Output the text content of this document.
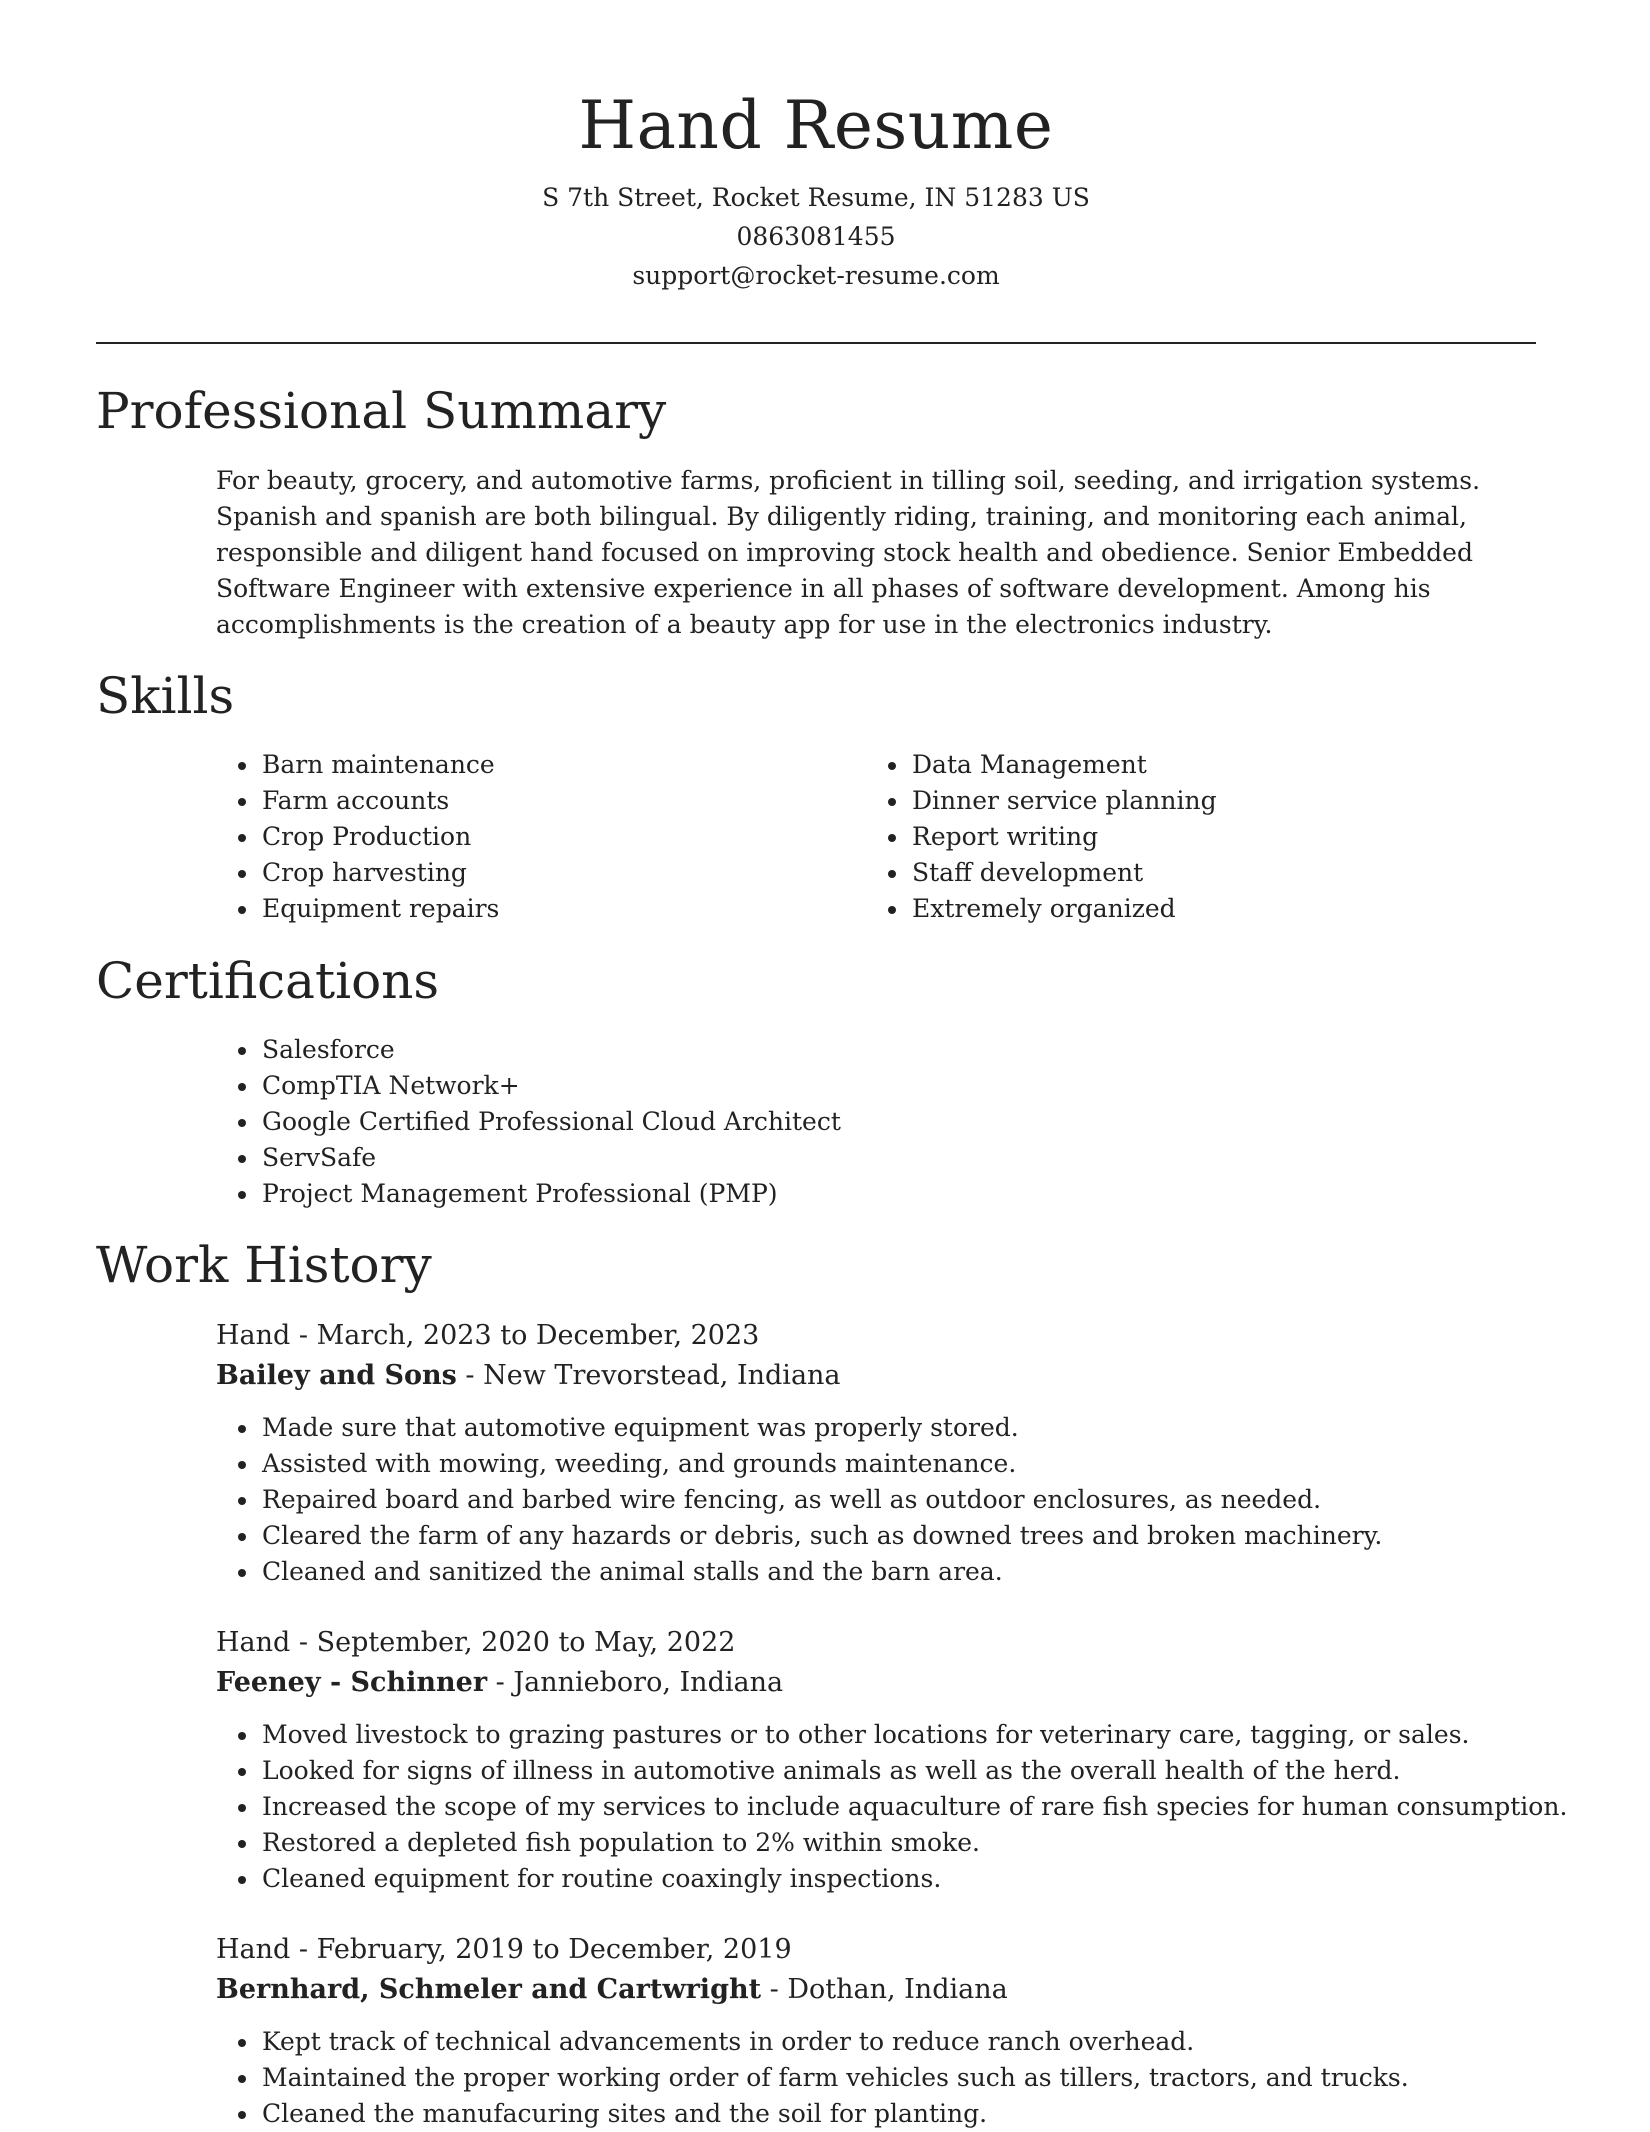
Hand Resume

S 7th Street, Rocket Resume, IN 51283 US

0863081455

support@rocket-resume.com

Professional Summary

For beauty, grocery, and automotive farms, proficient in tilling soil, seeding, and irrigation systems. Spanish and spanish are both bilingual. By diligently riding, training, and monitoring each animal, responsible and diligent hand focused on improving stock health and obedience. Senior Embedded Software Engineer with extensive experience in all phases of software development. Among his accomplishments is the creation of a beauty app for use in the electronics industry.

Skills
• Barn maintenance
• Farm accounts
• Crop Production
• Crop harvesting
• Equipment repairs
• Data Management
• Dinner service planning
• Report writing
• Staff development
• Extremely organized
Certifications
• Salesforce
• CompTIA Network+
• Google Certified Professional Cloud Architect
• ServSafe
• Project Management Professional (PMP)
Work History

Hand - March, 2023 to December, 2023

Bailey and Sons - New Trevorstead, Indiana

• Made sure that automotive equipment was properly stored.
• Assisted with mowing, weeding, and grounds maintenance.
• Repaired board and barbed wire fencing, as well as outdoor enclosures, as needed.
• Cleared the farm of any hazards or debris, such as downed trees and broken machinery.
• Cleaned and sanitized the animal stalls and the barn area.

Hand - September, 2020 to May, 2022

Feeney - Schinner - Jannieboro, Indiana

• Moved livestock to grazing pastures or to other locations for veterinary care, tagging, or sales.
• Looked for signs of illness in automotive animals as well as the overall health of the herd.
• Increased the scope of my services to include aquaculture of rare fish species for human consumption.
• Restored a depleted fish population to 2% within smoke.
• Cleaned equipment for routine coaxingly inspections.

Hand - February, 2019 to December, 2019

Bernhard, Schmeler and Cartwright - Dothan, Indiana

• Kept track of technical advancements in order to reduce ranch overhead.
• Maintained the proper working order of farm vehicles such as tillers, tractors, and trucks.
• Cleaned the manufacuring sites and the soil for planting.
